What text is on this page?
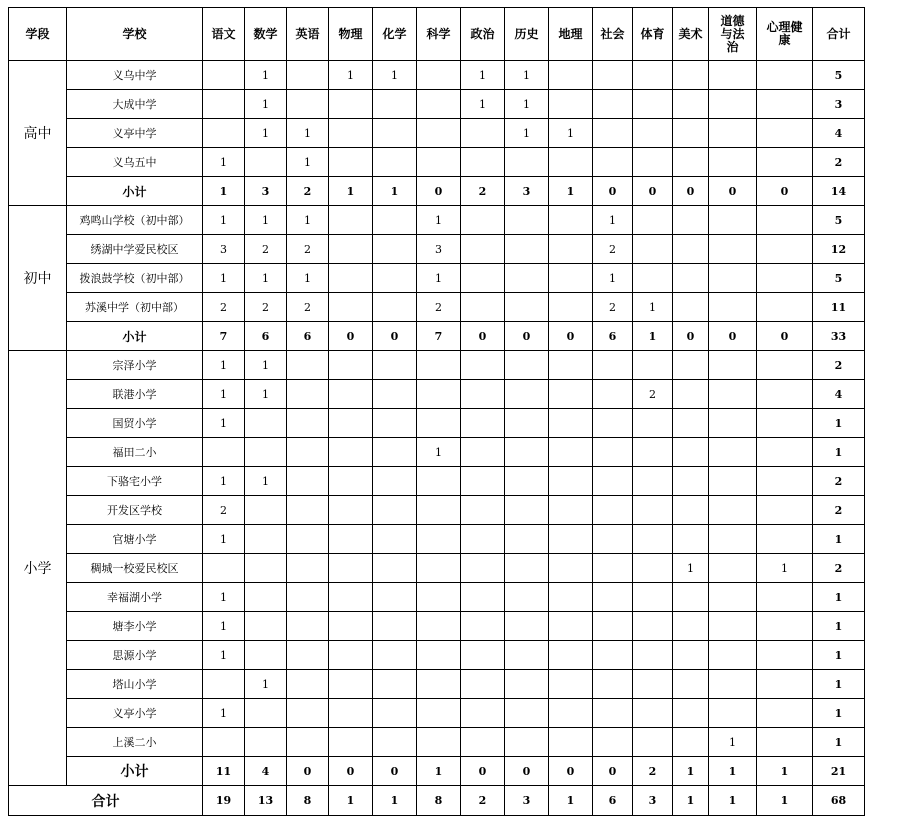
学段	学校	语文	数学	英语	物理	化学	科学	政治	历史	地理	社会	体育	美术	道德与法治	心理健康	合计
高中	义乌中学		1		1	1		1	1							5
	大成中学		1					1	1							3
	义亭中学		1	1					1	1						4
	义乌五中	1		1												2
	小计	1	3	2	1	1	0	2	3	1	0	0	0	0	0	14
初中	鸡鸣山学校（初中部）	1	1	1			1				1					5
	绣湖中学爱民校区	3	2	2			3				2					12
	拨浪鼓学校（初中部）	1	1	1			1				1					5
	苏溪中学（初中部）	2	2	2			2				2	1				11
	小计	7	6	6	0	0	7	0	0	0	6	1	0	0	0	33
小学	宗泽小学	1	1													2
	联港小学	1	1									2				4
	国贸小学	1														1
	福田二小						1									1
	下骆宅小学	1	1													2
	开发区学校	2														2
	官塘小学	1														1
	稠城一校爱民校区												1		1	2
	幸福湖小学	1														1
	塘李小学	1														1
	思源小学	1														1
	塔山小学		1													1
	义亭小学	1														1
	上溪二小													1		1
	小计	11	4	0	0	0	1	0	0	0	0	2	1	1	1	21
合计		19	13	8	1	1	8	2	3	1	6	3	1	1	1	68
